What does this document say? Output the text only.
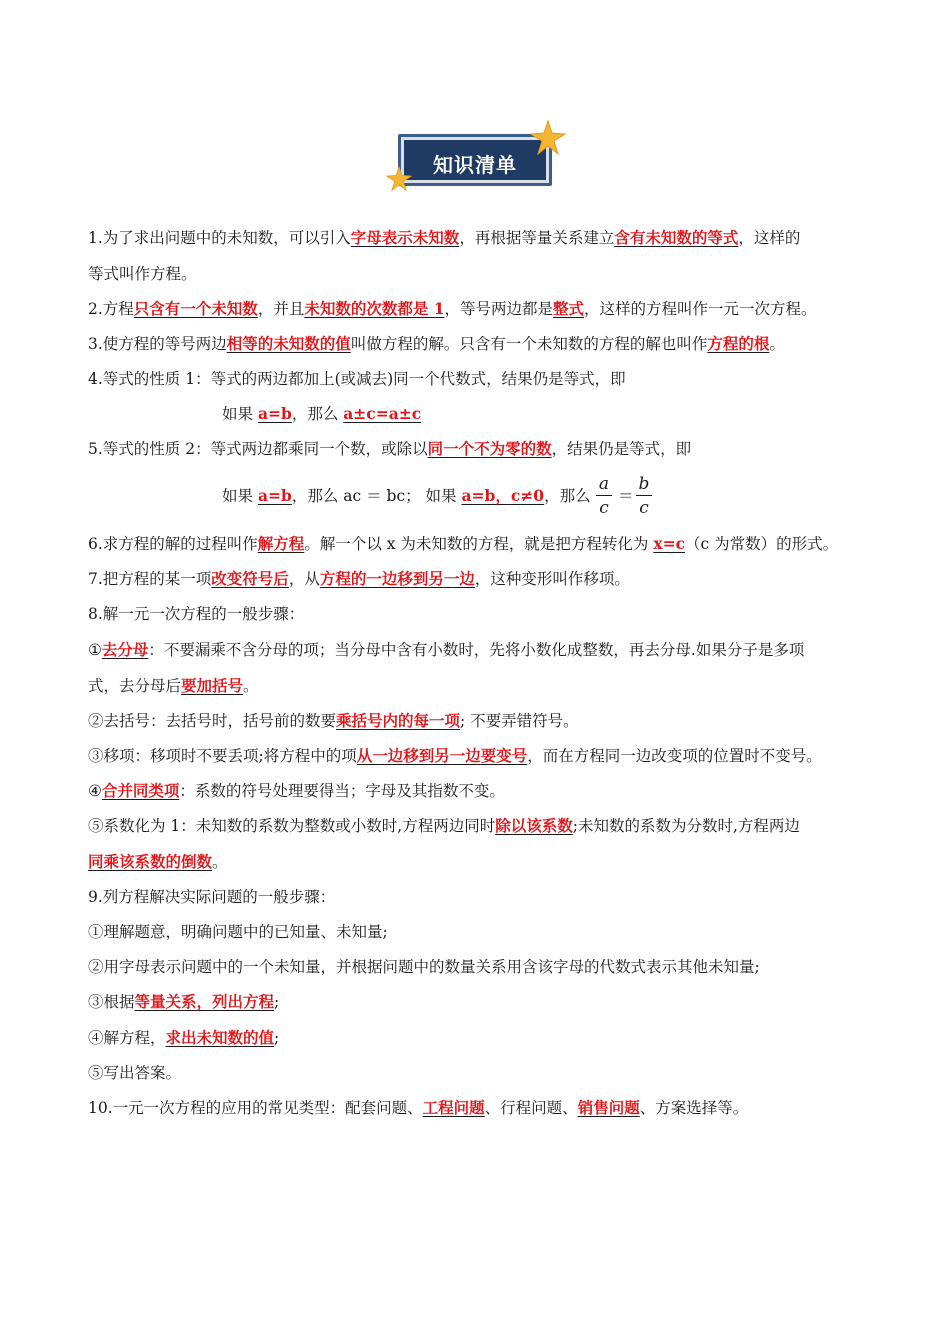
知识清单
1.为了求出问题中的未知数，可以引入字母表示未知数，再根据等量关系建立含有未知数的等式，这样的
等式叫作方程。
2.方程只含有一个未知数，并且未知数的次数都是 1，等号两边都是整式，这样的方程叫作一元一次方程。
3.使方程的等号两边相等的未知数的值叫做方程的解。只含有一个未知数的方程的解也叫作方程的根。
4.等式的性质 1：等式的两边都加上(或减去)同一个代数式，结果仍是等式，即
如果 a=b，那么 a±c=a±c
5.等式的性质 2：等式两边都乘同一个数，或除以同一个不为零的数，结果仍是等式，即
如果 a=b，那么 ac ＝ bc； 如果 a=b，c≠0，那么
a
c
＝
b
c
6.求方程的解的过程叫作解方程。解一个以 x 为未知数的方程，就是把方程转化为 x=c（c 为常数）的形式。
7.把方程的某一项改变符号后，从方程的一边移到另一边，这种变形叫作移项。
8.解一元一次方程的一般步骤：
①去分母：不要漏乘不含分母的项；当分母中含有小数时，先将小数化成整数，再去分母.如果分子是多项
式，去分母后要加括号。
②去括号：去括号时，括号前的数要乘括号内的每一项; 不要弄错符号。
③移项：移项时不要丢项;将方程中的项从一边移到另一边要变号，而在方程同一边改变项的位置时不变号。
④合并同类项：系数的符号处理要得当；字母及其指数不变。
⑤系数化为 1：未知数的系数为整数或小数时,方程两边同时除以该系数;未知数的系数为分数时,方程两边
同乘该系数的倒数。
9.列方程解决实际问题的一般步骤：
①理解题意，明确问题中的已知量、未知量;
②用字母表示问题中的一个未知量，并根据问题中的数量关系用含该字母的代数式表示其他未知量;
③根据等量关系，列出方程;
④解方程，求出未知数的值;
⑤写出答案。
10.一元一次方程的应用的常见类型：配套问题、工程问题、行程问题、销售问题、方案选择等。
